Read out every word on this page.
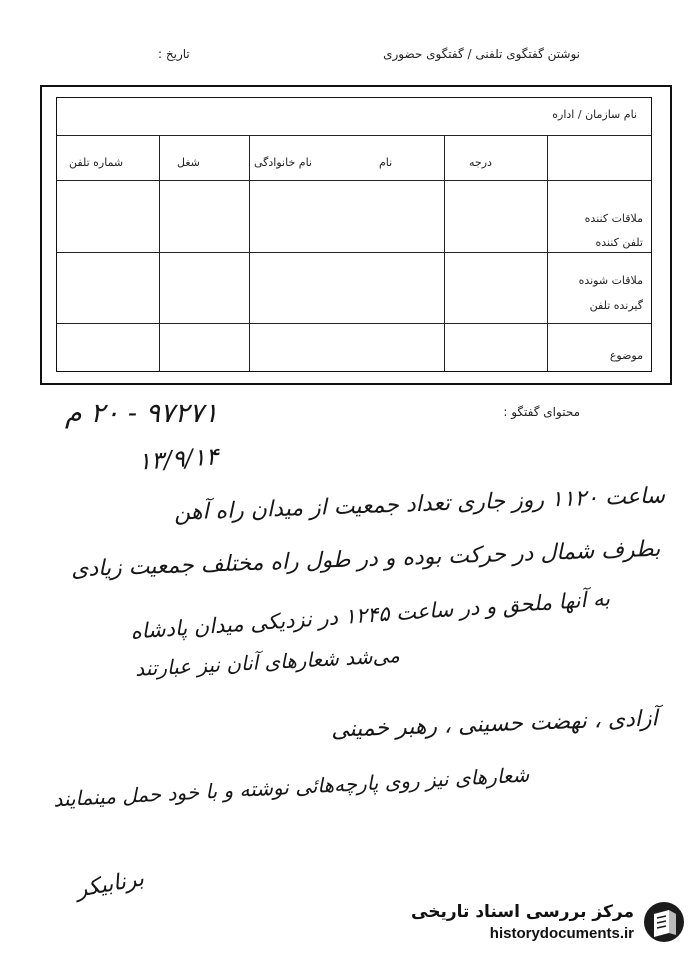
نوشتن گفتگوی تلفنی / گفتگوی حضوری
تاریخ :
نام سازمان / اداره
درجه
نام
نام خانوادگی
شغل
شماره تلفن
ملاقات کننده
تلفن کننده
ملاقات شونده
گیرنده تلفن
موضوع
محتوای گفتگو :
۹۷۲۷۱ - ۲۰ م
۱۳/۹/۱۴
ساعت ۱۱۲۰ روز جاری تعداد جمعیت از میدان راه آهن
بطرف شمال در حرکت بوده و در طول راه مختلف جمعیت زیادی
به آنها ملحق و در ساعت ۱۲۴۵ در نزدیکی میدان پادشاه
می‌شد شعارهای آنان نیز عبارتند
آزادی ، نهضت حسینی ، رهبر خمینی
شعارهای نیز روی پارچه‌هائی نوشته و با خود حمل مینمایند
برنابیکر
مرکز بررسی اسناد تاریخی
historydocuments.ir
